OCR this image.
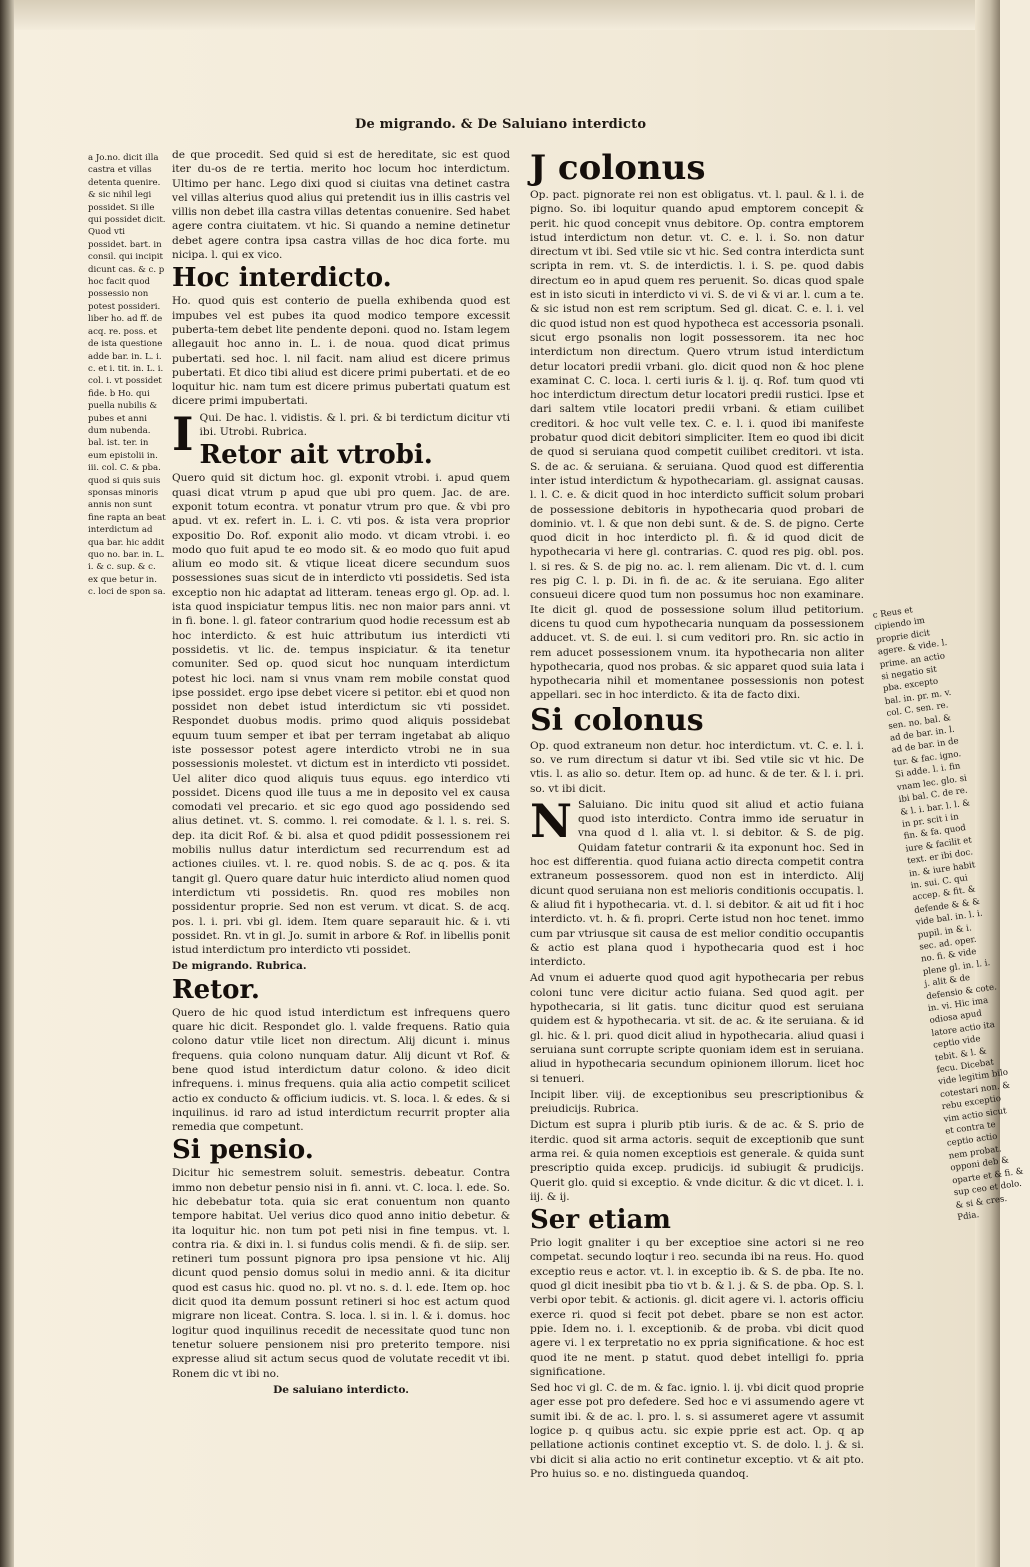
De migrando. & De Saluiano interdicto

a Jo.no. dicit illa castra et villas detenta quenire. & sic nihil legi possidet. Si ille qui possidet dicit. Quod vti possidet. bart. in consil. qui incipit dicunt cas. & c. p hoc facit quod possessio non potest possideri. liber ho. ad ff. de acq. re. poss. et de ista questione adde bar. in. L. i. c. et i. tit. in. L. i. col. i. vt possidet fide. b Ho. qui puella nubilis & pubes et anni dum nubenda. bal. ist. ter. in eum epistolii in. iii. col. C. & pba. quod si quis suis sponsas minoris annis non sunt fine rapta an beat interdictum ad qua bar. hic addit quo no. bar. in. L. i. & c. sup. & c. ex que betur in. c. loci de spon sa.

de que procedit. Sed quid si est de hereditate, sic est quod iter du-os de re tertia. merito hoc locum hoc interdictum. Ultimo per hanc. Lego dixi quod si ciuitas vna detinet castra vel villas alterius quod alius qui pretendit ius in illis castris vel villis non debet illa castra villas detentas conuenire. Sed habet agere contra ciuitatem. vt hic. Si quando a nemine detinetur debet agere contra ipsa castra villas de hoc dica forte. mu nicipa. l. qui ex vico.

Hoc interdicto.

Ho. quod quis est conterio de puella exhibenda quod est impubes vel est pubes ita quod modico tempore excessit puberta-tem debet lite pendente deponi. quod no. Istam legem allegauit hoc anno in. L. i. de noua. quod dicat primus pubertati. sed hoc. l. nil facit. nam aliud est dicere primus pubertati. Et dico tibi aliud est dicere primi pubertati. et de eo loquitur hic. nam tum est dicere primus pubertati quatum est dicere primi impubertati.

I Qui. De hac. l. vidistis. & l. pri. & bi terdictum dicitur vti ibi. Utrobi. Rubrica.

Retor ait vtrobi.

Quero quid sit dictum hoc. gl. exponit vtrobi. i. apud quem quasi dicat vtrum p apud que ubi pro quem. Jac. de are. exponit totum econtra. vt ponatur vtrum pro que. & vbi pro apud. vt ex. refert in. L. i. C. vti pos. & ista vera proprior expositio Do. Rof. exponit alio modo. vt dicam vtrobi. i. eo modo quo fuit apud te eo modo sit. & eo modo quo fuit apud alium eo modo sit. & vtique liceat dicere secundum suos possessiones suas sicut de in interdicto vti possidetis. Sed ista exceptio non hic adaptat ad litteram. teneas ergo gl. Op. ad. l. ista quod inspiciatur tempus litis. nec non maior pars anni. vt in fi. bone. l. gl. fateor contrarium quod hodie recessum est ab hoc interdicto. & est huic attributum ius interdicti vti possidetis. vt lic. de. tempus inspiciatur. & ita tenetur comuniter. Sed op. quod sicut hoc nunquam interdictum potest hic loci. nam si vnus vnam rem mobile constat quod ipse possidet. ergo ipse debet vicere si petitor. ebi et quod non possidet non debet istud interdictum sic vti possidet. Respondet duobus modis. primo quod aliquis possidebat equum tuum semper et ibat per terram ingetabat ab aliquo iste possessor potest agere interdicto vtrobi ne in sua possessionis molestet. vt dictum est in interdicto vti possidet. Uel aliter dico quod aliquis tuus equus. ego interdico vti possidet. Dicens quod ille tuus a me in deposito vel ex causa comodati vel precario. et sic ego quod ago possidendo sed alius detinet. vt. S. commo. l. rei comodate. & l. l. s. rei. S. dep. ita dicit Rof. & bi. alsa et quod pdidit possessionem rei mobilis nullus datur interdictum sed recurrendum est ad actiones ciuiles. vt. l. re. quod nobis. S. de ac q. pos. & ita tangit gl. Quero quare datur huic interdicto aliud nomen quod interdictum vti possidetis. Rn. quod res mobiles non possidentur proprie. Sed non est verum. vt dicat. S. de acq. pos. l. i. pri. vbi gl. idem. Item quare separauit hic. & i. vti possidet. Rn. vt in gl. Jo. sumit in arbore & Rof. in libellis ponit istud interdictum pro interdicto vti possidet.

De migrando. Rubrica.

Retor.

Quero de hic quod istud interdictum est infrequens quero quare hic dicit. Respondet glo. l. valde frequens. Ratio quia colono datur vtile licet non directum. Alij dicunt i. minus frequens. quia colono nunquam datur. Alij dicunt vt Rof. & bene quod istud interdictum datur colono. & ideo dicit infrequens. i. minus frequens. quia alia actio competit scilicet actio ex conducto & officium iudicis. vt. S. loca. l. & edes. & si inquilinus. id raro ad istud interdictum recurrit propter alia remedia que competunt.

Si pensio.

Dicitur hic semestrem soluit. semestris. debeatur. Contra immo non debetur pensio nisi in fi. anni. vt. C. loca. l. ede. So. hic debebatur tota. quia sic erat conuentum non quanto tempore habitat. Uel verius dico quod anno initio debetur. & ita loquitur hic. non tum pot peti nisi in fine tempus. vt. l. contra ria. & dixi in. l. si fundus colis mendi. & fi. de siip. ser. retineri tum possunt pignora pro ipsa pensione vt hic. Alij dicunt quod pensio domus solui in medio anni. & ita dicitur quod est casus hic. quod no. pl. vt no. s. d. l. ede. Item op. hoc dicit quod ita demum possunt retineri si hoc est actum quod migrare non liceat. Contra. S. loca. l. si in. l. & i. domus. hoc logitur quod inquilinus recedit de necessitate quod tunc non tenetur soluere pensionem nisi pro preterito tempore. nisi expresse aliud sit actum secus quod de volutate recedit vt ibi. Ronem dic vt ibi no.

De saluiano interdicto.

J colonus

Op. pact. pignorate rei non est obligatus. vt. l. paul. & l. i. de pigno. So. ibi loquitur quando apud emptorem concepit & perit. hic quod concepit vnus debitore. Op. contra emptorem istud interdictum non detur. vt. C. e. l. i. So. non datur directum vt ibi. Sed vtile sic vt hic. Sed contra interdicta sunt scripta in rem. vt. S. de interdictis. l. i. S. pe. quod dabis directum eo in apud quem res peruenit. So. dicas quod spale est in isto sicuti in interdicto vi vi. S. de vi & vi ar. l. cum a te. & sic istud non est rem scriptum. Sed gl. dicat. C. e. l. i. vel dic quod istud non est quod hypotheca est accessoria psonali. sicut ergo psonalis non logit possessorem. ita nec hoc interdictum non directum. Quero vtrum istud interdictum detur locatori predii vrbani. glo. dicit quod non & hoc plene examinat C. C. loca. l. certi iuris & l. ij. q. Rof. tum quod vti hoc interdictum directum detur locatori predii rustici. Ipse et dari saltem vtile locatori predii vrbani. & etiam cuilibet creditori. & hoc vult velle tex. C. e. l. i. quod ibi manifeste probatur quod dicit debitori simpliciter. Item eo quod ibi dicit de quod si seruiana quod competit cuilibet creditori. vt ista. S. de ac. & seruiana. & seruiana. Quod quod est differentia inter istud interdictum & hypothecariam. gl. assignat causas. l. l. C. e. & dicit quod in hoc interdicto sufficit solum probari de possessione debitoris in hypothecaria quod probari de dominio. vt. l. & que non debi sunt. & de. S. de pigno. Certe quod dicit in hoc interdicto pl. fi. & id quod dicit de hypothecaria vi here gl. contrarias. C. quod res pig. obl. pos. l. si res. & S. de pig no. ac. l. rem alienam. Dic vt. d. l. cum res pig C. l. p. Di. in fi. de ac. & ite seruiana. Ego aliter consueui dicere quod tum non possumus hoc non examinare. Ite dicit gl. quod de possessione solum illud petitorium. dicens tu quod cum hypothecaria nunquam da possessionem adducet. vt. S. de eui. l. si cum veditori pro. Rn. sic actio in rem aducet possessionem vnum. ita hypothecaria non aliter hypothecaria, quod nos probas. & sic apparet quod suia lata i hypothecaria nihil et momentanee possessionis non potest appellari. sec in hoc interdicto. & ita de facto dixi.

Si colonus

Op. quod extraneum non detur. hoc interdictum. vt. C. e. l. i. so. ve rum directum si datur vt ibi. Sed vtile sic vt hic. De vtis. l. as alio so. detur. Item op. ad hunc. & de ter. & l. i. pri. so. vt ibi dicit.

N Saluiano. Dic initu quod sit aliud et actio fuiana quod isto interdicto. Contra immo ide seruatur in vna quod d l. alia vt. l. si debitor. & S. de pig. Quidam fatetur contrarii & ita exponunt hoc. Sed in hoc est differentia. quod fuiana actio directa competit contra extraneum possessorem. quod non est in interdicto. Alij dicunt quod seruiana non est melioris conditionis occupatis. l. & aliud fit i hypothecaria. vt. d. l. si debitor. & ait ud fit i hoc interdicto. vt. h. & fi. propri. Certe istud non hoc tenet. immo cum par vtriusque sit causa de est melior conditio occupantis & actio est plana quod i hypothecaria quod est i hoc interdicto.

Ad vnum ei aduerte quod quod agit hypothecaria per rebus coloni tunc vere dicitur actio fuiana. Sed quod agit. per hypothecaria, si lit gatis. tunc dicitur quod est seruiana quidem est & hypothecaria. vt sit. de ac. & ite seruiana. & id gl. hic. & l. pri. quod dicit aliud in hypothecaria. aliud quasi i seruiana sunt corrupte scripte quoniam idem est in seruiana. aliud in hypothecaria secundum opinionem illorum. licet hoc si tenueri.

Incipit liber. viij. de exceptionibus seu prescriptionibus & preiudicijs. Rubrica.

Dictum est supra i plurib ptib iuris. & de ac. & S. prio de iterdic. quod sit arma actoris. sequit de exceptionib que sunt arma rei. & quia nomen exceptiois est generale. & quida sunt prescriptio quida excep. prudicijs. id subiugit & prudicijs. Querit glo. quid si exceptio. & vnde dicitur. & dic vt dicet. l. i. iij. & ij.

Ser etiam

Prio logit gnaliter i qu ber exceptioe sine actori si ne reo competat. secundo loqtur i reo. secunda ibi na reus. Ho. quod exceptio reus e actor. vt. l. in exceptio ib. & S. de pba. Ite no. quod gl dicit inesibit pba tio vt b. & l. j. & S. de pba. Op. S. l. verbi opor tebit. & actionis. gl. dicit agere vi. l. actoris officiu exerce ri. quod si fecit pot debet. pbare se non est actor. ppie. Idem no. i. l. exceptionib. & de proba. vbi dicit quod agere vi. l ex terpretatio no ex ppria significatione. & hoc est quod ite ne ment. p statut. quod debet intelligi fo. ppria significatione.

Sed hoc vi gl. C. de m. & fac. ignio. l. ij. vbi dicit quod proprie ager esse pot pro defedere. Sed hoc e vi assumendo agere vt sumit ibi. & de ac. l. pro. l. s. si assumeret agere vt assumit logice p. q quibus actu. sic expie pprie est act. Op. q ap pellatione actionis continet exceptio vt. S. de dolo. l. j. & si. vbi dicit si alia actio no erit continetur exceptio. vt & ait pto. Pro huius so. e no. distingueda quandoq.

c Reus et cipiendo im proprie dicit agere. & vide. l. prime. an actio si negatio sit pba. excepto bal. in. pr. m. v. col. C. sen. re. sen. no. bal. & ad de bar. in. l. ad de bar. in de tur. & fac. igno. Si adde. l. i. fin vnam lec. glo. si ibi bal. C. de re. & l. i. bar. l. l. & in pr. scit i in fin. & fa. quod iure & facilit et text. er ibi doc. in. & iure habit in. sui. C. qui accep. & fit. & defende & & & vide bal. in. l. i. pupil. in & i. sec. ad. oper. no. fi. & vide plene gl. in. l. i. j. alit & de defensio & cote. in. vi. Hic ima odiosa apud latore actio ita ceptio vide tebit. & l. & fecu. Dicebat vide legitim bilo cotestari non. & rebu exceptio vim actio sicut et contra te ceptio actio nem probat. opponi deb & oparte et & fi. & sup ceo et dolo. & si & cres. Pdia.
